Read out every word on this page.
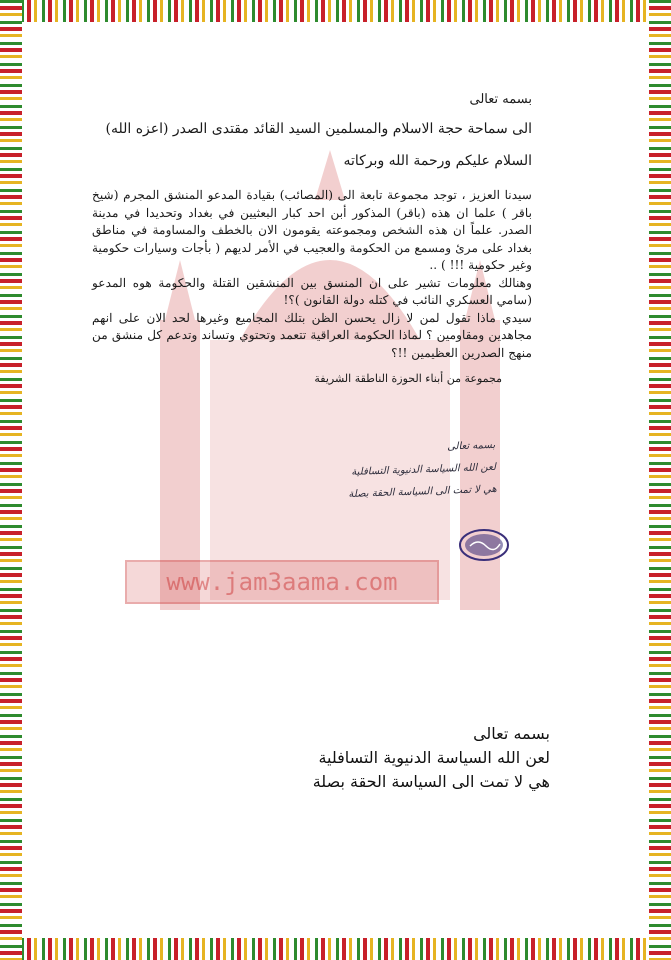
www.jam3aama.com
بسمه تعالى
الى سماحة حجة الاسلام والمسلمين السيد القائد مقتدى الصدر (اعزه الله)
السلام عليكم ورحمة الله وبركاته

سيدنا العزيز ، توجد مجموعة تابعة الى (المصائب) بقيادة المدعو المنشق المجرم (شيخ باقر ) علما ان هذه (باقر) المذكور أبن احد كبار البعثيين في بغداد وتحديدا في مدينة الصدر. علماً ان هذه الشخص ومجموعته يقومون الان بالخطف والمساومة في مناطق بغداد على مرئ ومسمع من الحكومة والعجيب في الأمر لديهم ( بأجات وسيارات حكومية وغير حكومية !!! ) ..

وهنالك معلومات تشير على ان المنسق بين المنشقين القتلة والحكومة هوه المدعو (سامي العسكري النائب في كتله دولة القانون )؟!

سيدي ماذا تقول لمن لا زال يحسن الظن بتلك المجاميع وغيرها لحد الان على انهم مجاهدين ومقاومين ؟ لماذا الحكومة العراقية تتعمد وتحتوي وتساند وتدعم كل منشق من منهج الصدرين العظيمين !!؟

مجموعة من أبناء الحوزة الناطقة الشريفة
بسمه تعالى
لعن الله السياسة الدنيوية التسافلية
هي لا تمت الى السياسة الحقة بصلة
بسمه تعالى
لعن الله السياسة الدنيوية التسافلية
هي لا تمت الى السياسة الحقة بصلة
